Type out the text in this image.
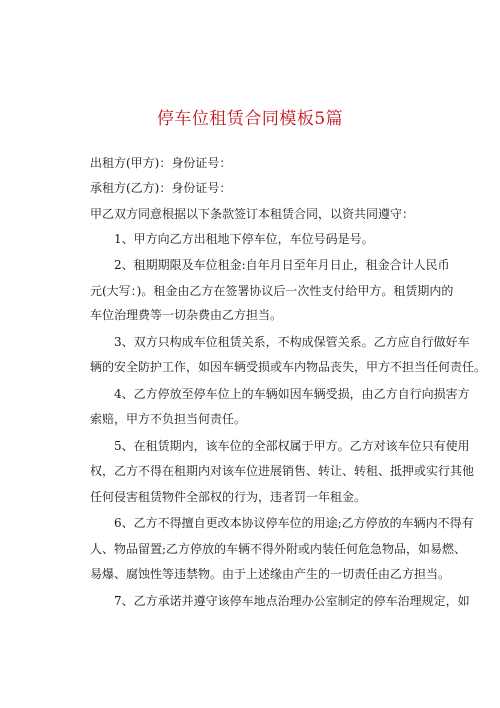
停车位租赁合同模板5篇
出租方(甲方)：身份证号：
承租方(乙方)：身份证号：
甲乙双方同意根据以下条款签订本租赁合同，以资共同遵守：
1、甲方向乙方出租地下停车位，车位号码是号。
2、租期期限及车位租金:自年月日至年月日止，租金合计人民币
元(大写：)。租金由乙方在签署协议后一次性支付给甲方。租赁期内的
车位治理费等一切杂费由乙方担当。
3、双方只构成车位租赁关系，不构成保管关系。乙方应自行做好车
辆的安全防护工作，如因车辆受损或车内物品丧失，甲方不担当任何责任。
4、乙方停放至停车位上的车辆如因车辆受损，由乙方自行向损害方
索赔，甲方不负担当何责任。
5、在租赁期内，该车位的全部权属于甲方。乙方对该车位只有使用
权，乙方不得在租期内对该车位进展销售、转让、转租、抵押或实行其他
任何侵害租赁物件全部权的行为，违者罚一年租金。
6、乙方不得擅自更改本协议停车位的用途;乙方停放的车辆内不得有
人、物品留置;乙方停放的车辆不得外附或内装任何危急物品，如易燃、
易爆、腐蚀性等违禁物。由于上述缘由产生的一切责任由乙方担当。
7、乙方承诺并遵守该停车地点治理办公室制定的停车治理规定，如
